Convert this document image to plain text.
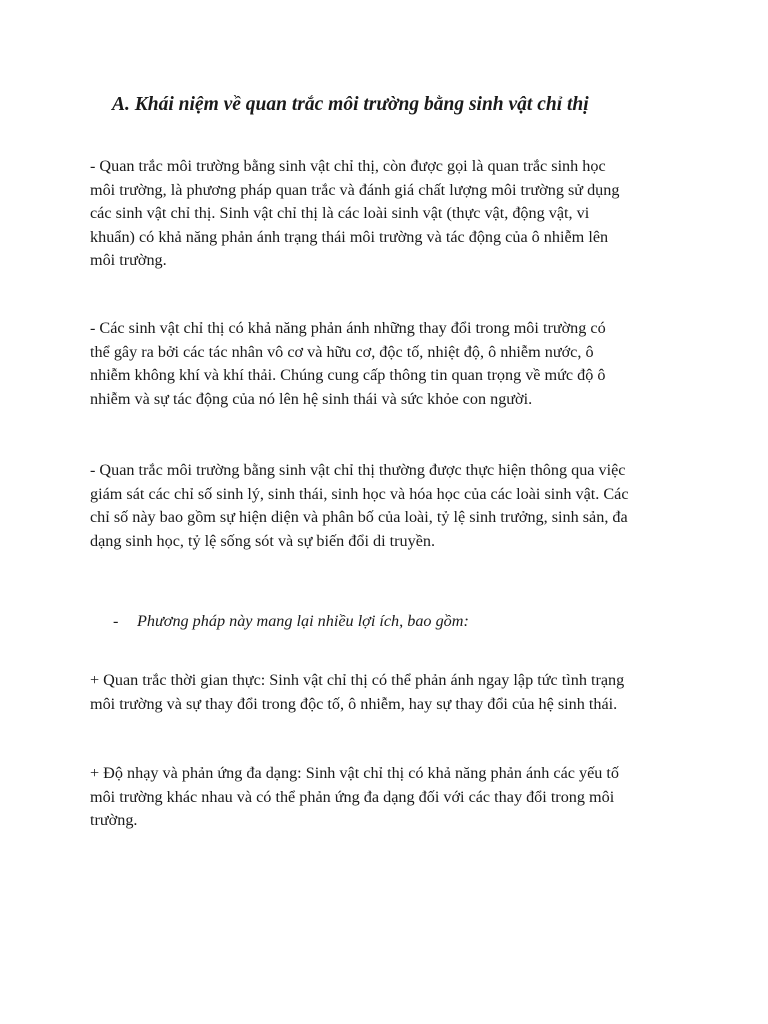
A. Khái niệm về quan trắc môi trường bằng sinh vật chỉ thị
- Quan trắc môi trường bằng sinh vật chỉ thị, còn được gọi là quan trắc sinh học
môi trường, là phương pháp quan trắc và đánh giá chất lượng môi trường sử dụng
các sinh vật chỉ thị. Sinh vật chỉ thị là các loài sinh vật (thực vật, động vật, vi
khuẩn) có khả năng phản ánh trạng thái môi trường và tác động của ô nhiễm lên
môi trường.
- Các sinh vật chỉ thị có khả năng phản ánh những thay đổi trong môi trường có
thể gây ra bởi các tác nhân vô cơ và hữu cơ, độc tố, nhiệt độ, ô nhiễm nước, ô
nhiễm không khí và khí thải. Chúng cung cấp thông tin quan trọng về mức độ ô
nhiễm và sự tác động của nó lên hệ sinh thái và sức khỏe con người.
- Quan trắc môi trường bằng sinh vật chỉ thị thường được thực hiện thông qua việc
giám sát các chỉ số sinh lý, sinh thái, sinh học và hóa học của các loài sinh vật. Các
chỉ số này bao gồm sự hiện diện và phân bố của loài, tỷ lệ sinh trưởng, sinh sản, đa
dạng sinh học, tỷ lệ sống sót và sự biến đổi di truyền.
- Phương pháp này mang lại nhiều lợi ích, bao gồm:
+ Quan trắc thời gian thực: Sinh vật chỉ thị có thể phản ánh ngay lập tức tình trạng
môi trường và sự thay đổi trong độc tố, ô nhiễm, hay sự thay đổi của hệ sinh thái.
+ Độ nhạy và phản ứng đa dạng: Sinh vật chỉ thị có khả năng phản ánh các yếu tố
môi trường khác nhau và có thể phản ứng đa dạng đối với các thay đổi trong môi
trường.
